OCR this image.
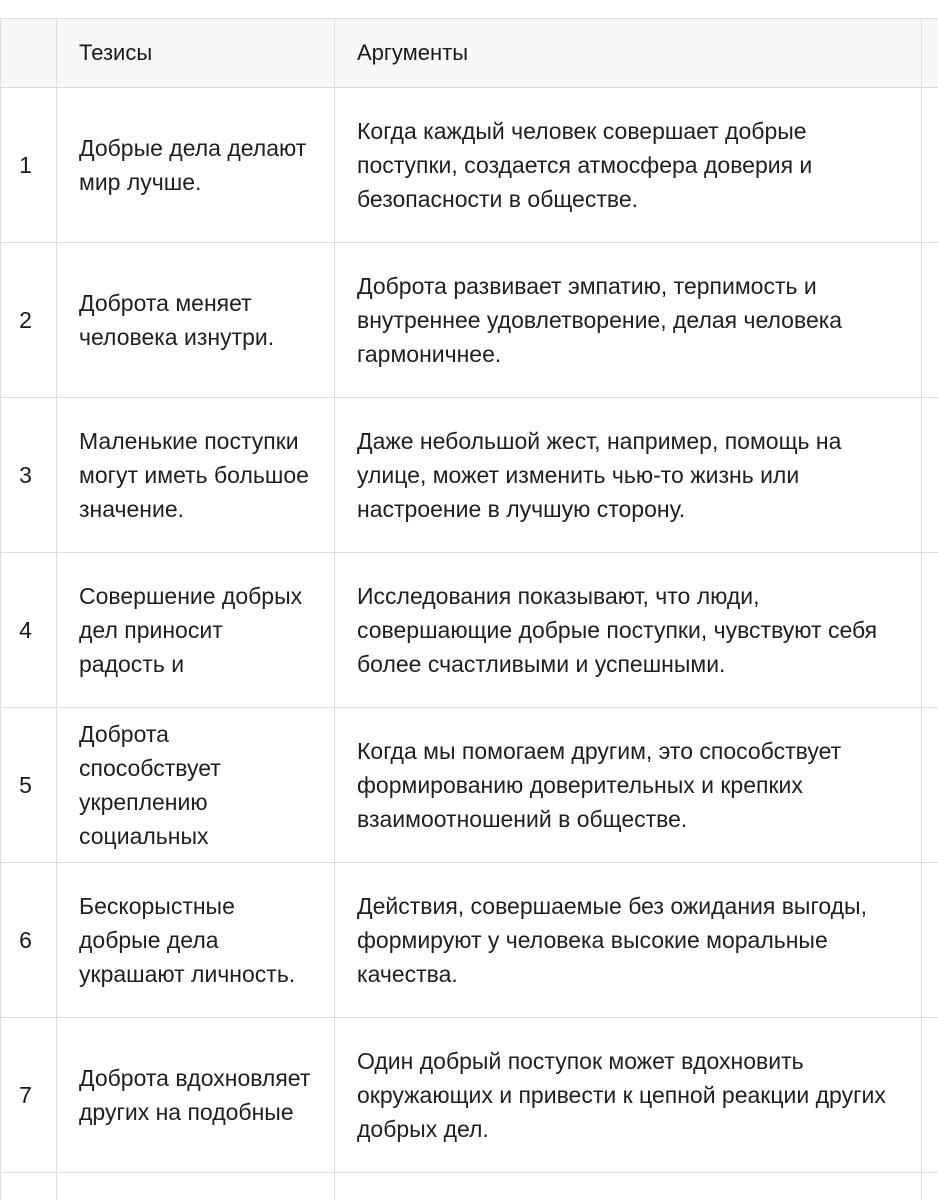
	Тезисы	Аргументы	

1	Добрые дела делают мир лучше.	Когда каждый человек совершает добрые поступки, создается атмосфера доверия и безопасности в обществе.	

2	Доброта меняет человека изнутри.	Доброта развивает эмпатию, терпимость и внутреннее удовлетворение, делая человека гармоничнее.	

3	Маленькие поступки могут иметь большое значение.	Даже небольшой жест, например, помощь на улице, может изменить чью-то жизнь или настроение в лучшую сторону.	

4	Совершение добрых дел приносит радость и	Исследования показывают, что люди, совершающие добрые поступки, чувствуют себя более счастливыми и успешными.	

5	Доброта способствует укреплению социальных	Когда мы помогаем другим, это способствует формированию доверительных и крепких взаимоотношений в обществе.	

6	Бескорыстные добрые дела украшают личность.	Действия, совершаемые без ожидания выгоды, формируют у человека высокие моральные качества.	

7	Доброта вдохновляет других на подобные	Один добрый поступок может вдохновить окружающих и привести к цепной реакции других добрых дел.	
